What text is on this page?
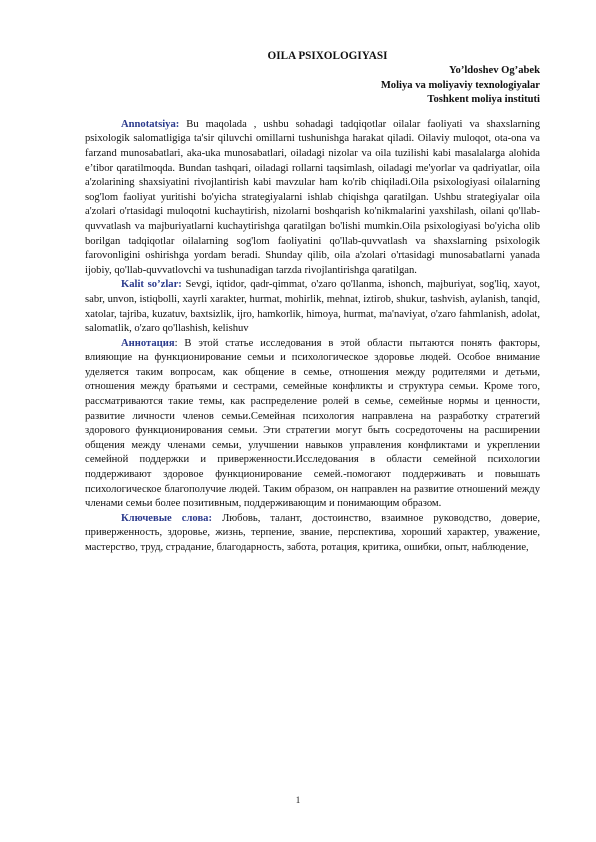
OILA PSIXOLOGIYASI
Yo’ldoshev Og’abek
Moliya va moliyaviy texnologiyalar
Toshkent moliya instituti

Annotatsiya: Bu maqolada , ushbu sohadagi tadqiqotlar oilalar faoliyati va shaxslarning psixologik salomatligiga ta'sir qiluvchi omillarni tushunishga harakat qiladi. Oilaviy muloqot, ota-ona va farzand munosabatlari, aka-uka munosabatlari, oiladagi nizolar va oila tuzilishi kabi masalalarga alohida e’tibor qaratilmoqda. Bundan tashqari, oiladagi rollarni taqsimlash, oiladagi me'yorlar va qadriyatlar, oila a'zolarining shaxsiyatini rivojlantirish kabi mavzular ham ko'rib chiqiladi.Oila psixologiyasi oilalarning sog'lom faoliyat yuritishi bo'yicha strategiyalarni ishlab chiqishga qaratilgan. Ushbu strategiyalar oila a'zolari o'rtasidagi muloqotni kuchaytirish, nizolarni boshqarish ko'nikmalarini yaxshilash, oilani qo'llab-quvvatlash va majburiyatlarni kuchaytirishga qaratilgan bo'lishi mumkin.Oila psixologiyasi bo'yicha olib borilgan tadqiqotlar oilalarning sog'lom faoliyatini qo'llab-quvvatlash va shaxslarning psixologik farovonligini oshirishga yordam beradi. Shunday qilib, oila a'zolari o'rtasidagi munosabatlarni yanada ijobiy, qo'llab-quvvatlovchi va tushunadigan tarzda rivojlantirishga qaratilgan.

Kalit so’zlar: Sevgi, iqtidor, qadr-qimmat, o'zaro qo'llanma, ishonch, majburiyat, sog'liq, xayot, sabr, unvon, istiqbolli, xayrli xarakter, hurmat, mohirlik, mehnat, iztirob, shukur, tashvish, aylanish, tanqid, xatolar, tajriba, kuzatuv, baxtsizlik, ijro, hamkorlik, himoya, hurmat, ma'naviyat, o'zaro fahmlanish, adolat, salomatlik, o'zaro qo'llashish, kelishuv

Аннотация: В этой статье исследования в этой области пытаются понять факторы, влияющие на функционирование семьи и психологическое здоровье людей. Особое внимание уделяется таким вопросам, как общение в семье, отношения между родителями и детьми, отношения между братьями и сестрами, семейные конфликты и структура семьи. Кроме того, рассматриваются такие темы, как распределение ролей в семье, семейные нормы и ценности, развитие личности членов семьи.Семейная психология направлена на разработку стратегий здорового функционирования семьи. Эти стратегии могут быть сосредоточены на расширении общения между членами семьи, улучшении навыков управления конфликтами и укреплении семейной поддержки и приверженности.Исследования в области семейной психологии поддерживают здоровое функционирование семей.-помогают поддерживать и повышать психологическое благополучие людей. Таким образом, он направлен на развитие отношений между членами семьи более позитивным, поддерживающим и понимающим образом.

Ключевые слова: Любовь, талант, достоинство, взаимное руководство, доверие, приверженность, здоровье, жизнь, терпение, звание, перспектива, хороший характер, уважение, мастерство, труд, страдание, благодарность, забота, ротация, критика, ошибки, опыт, наблюдение,

1
